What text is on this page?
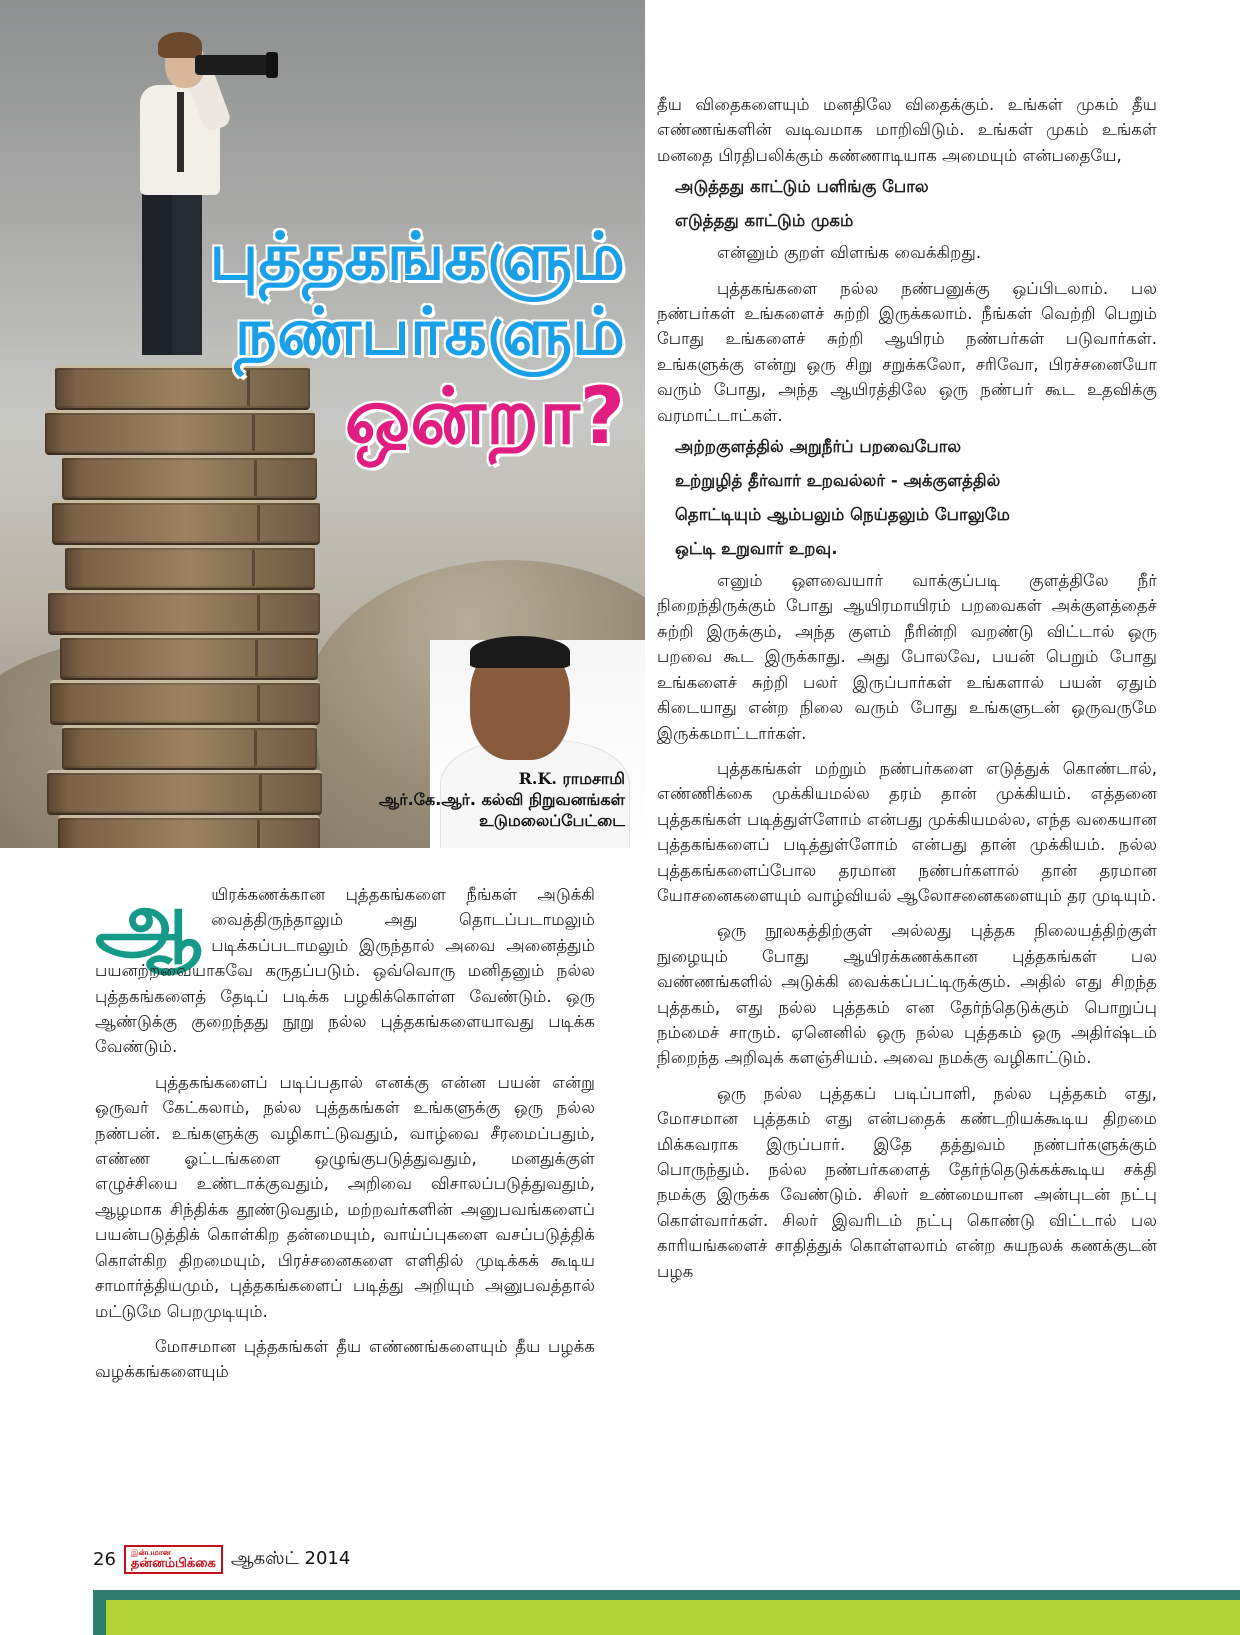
புத்தகங்களும்
நண்பர்களும்
ஒன்றா?
R.K. ராமசாமி
ஆர்.கே.ஆர். கல்வி நிறுவனங்கள்
உடுமலைப்பேட்டை

தீய விதைகளையும் மனதிலே விதைக்கும். உங்கள் முகம் தீய எண்ணங்களின் வடிவமாக மாறிவிடும். உங்கள் முகம் உங்கள் மனதை பிரதிபலிக்கும் கண்ணாடியாக அமையும் என்பதையே,

அடுத்தது காட்டும் பளிங்கு போல

எடுத்தது காட்டும் முகம்

என்னும் குறள் விளங்க வைக்கிறது.

புத்தகங்களை நல்ல நண்பனுக்கு ஒப்பிடலாம். பல நண்பர்கள் உங்களைச் சுற்றி இருக்கலாம். நீங்கள் வெற்றி பெறும் போது உங்களைச் சுற்றி ஆயிரம் நண்பர்கள் படுவார்கள். உங்களுக்கு என்று ஒரு சிறு சறுக்கலோ, சரிவோ, பிரச்சனையோ வரும் போது, அந்த ஆயிரத்திலே ஒரு நண்பர் கூட உதவிக்கு வரமாட்டாட்கள்.

அற்றகுளத்தில் அறுநீர்ப் பறவைபோல

உற்றுழித் தீர்வார் உறவல்லர் - அக்குளத்தில்

தொட்டியும் ஆம்பலும் நெய்தலும் போலுமே

ஒட்டி உறுவார் உறவு.

எனும் ஔவையார் வாக்குப்படி குளத்திலே நீர் நிறைந்திருக்கும் போது ஆயிரமாயிரம் பறவைகள் அக்குளத்தைச் சுற்றி இருக்கும், அந்த குளம் நீரின்றி வறண்டு விட்டால் ஒரு பறவை கூட இருக்காது. அது போலவே, பயன் பெறும் போது உங்களைச் சுற்றி பலர் இருப்பார்கள் உங்களால் பயன் ஏதும் கிடையாது என்ற நிலை வரும் போது உங்களுடன் ஒருவருமே இருக்கமாட்டார்கள்.

புத்தகங்கள் மற்றும் நண்பர்களை எடுத்துக் கொண்டால், எண்ணிக்கை முக்கியமல்ல தரம் தான் முக்கியம். எத்தனை புத்தகங்கள் படித்துள்ளோம் என்பது முக்கியமல்ல, எந்த வகையான புத்தகங்களைப் படித்துள்ளோம் என்பது தான் முக்கியம். நல்ல புத்தகங்களைப்போல தரமான நண்பர்களால் தான் தரமான யோசனைகளையும் வாழ்வியல் ஆலோசனைகளையும் தர முடியும்.

ஒரு நூலகத்திற்குள் அல்லது புத்தக நிலையத்திற்குள் நுழையும் போது ஆயிரக்கணக்கான புத்தகங்கள் பல வண்ணங்களில் அடுக்கி வைக்கப்பட்டிருக்கும். அதில் எது சிறந்த புத்தகம், எது நல்ல புத்தகம் என தேர்ந்தெடுக்கும் பொறுப்பு நம்மைச் சாரும். ஏனெனில் ஒரு நல்ல புத்தகம் ஒரு அதிர்ஷ்டம் நிறைந்த அறிவுக் களஞ்சியம். அவை நமக்கு வழிகாட்டும்.

ஒரு நல்ல புத்தகப் படிப்பாளி, நல்ல புத்தகம் எது, மோசமான புத்தகம் எது என்பதைக் கண்டறியக்கூடிய திறமை மிக்கவராக இருப்பார். இதே தத்துவம் நண்பர்களுக்கும் பொருந்தும். நல்ல நண்பர்களைத் தேர்ந்தெடுக்கக்கூடிய சக்தி நமக்கு இருக்க வேண்டும். சிலர் உண்மையான அன்புடன் நட்பு கொள்வார்கள். சிலர் இவரிடம் நட்பு கொண்டு விட்டால் பல காரியங்களைச் சாதித்துக் கொள்ளலாம் என்ற சுயநலக் கணக்குடன் பழக

ஆயிரக்கணக்கான புத்தகங்களை நீங்கள் அடுக்கி வைத்திருந்தாலும் அது தொடப்படாமலும் படிக்கப்படாமலும் இருந்தால் அவை அனைத்தும் பயனற்றவையாகவே கருதப்படும். ஒவ்வொரு மனிதனும் நல்ல புத்தகங்களைத் தேடிப் படிக்க பழகிக்கொள்ள வேண்டும். ஒரு ஆண்டுக்கு குறைந்தது நூறு நல்ல புத்தகங்களையாவது படிக்க வேண்டும்.

புத்தகங்களைப் படிப்பதால் எனக்கு என்ன பயன் என்று ஒருவர் கேட்கலாம், நல்ல புத்தகங்கள் உங்களுக்கு ஒரு நல்ல நண்பன். உங்களுக்கு வழிகாட்டுவதும், வாழ்வை சீரமைப்பதும், எண்ண ஓட்டங்களை ஒழுங்குபடுத்துவதும், மனதுக்குள் எழுச்சியை உண்டாக்குவதும், அறிவை விசாலப்படுத்துவதும், ஆழமாக சிந்திக்க தூண்டுவதும், மற்றவர்களின் அனுபவங்களைப் பயன்படுத்திக் கொள்கிற தன்மையும், வாய்ப்புகளை வசப்படுத்திக் கொள்கிற திறமையும், பிரச்சனைகளை எளிதில் முடிக்கக் கூடிய சாமார்த்தியமும், புத்தகங்களைப் படித்து அறியும் அனுபவத்தால் மட்டுமே பெறமுடியும்.

மோசமான புத்தகங்கள் தீய எண்ணங்களையும் தீய பழக்க வழக்கங்களையும்

26 இன்பமான
தன்னம்பிக்கை ஆகஸ்ட் 2014
